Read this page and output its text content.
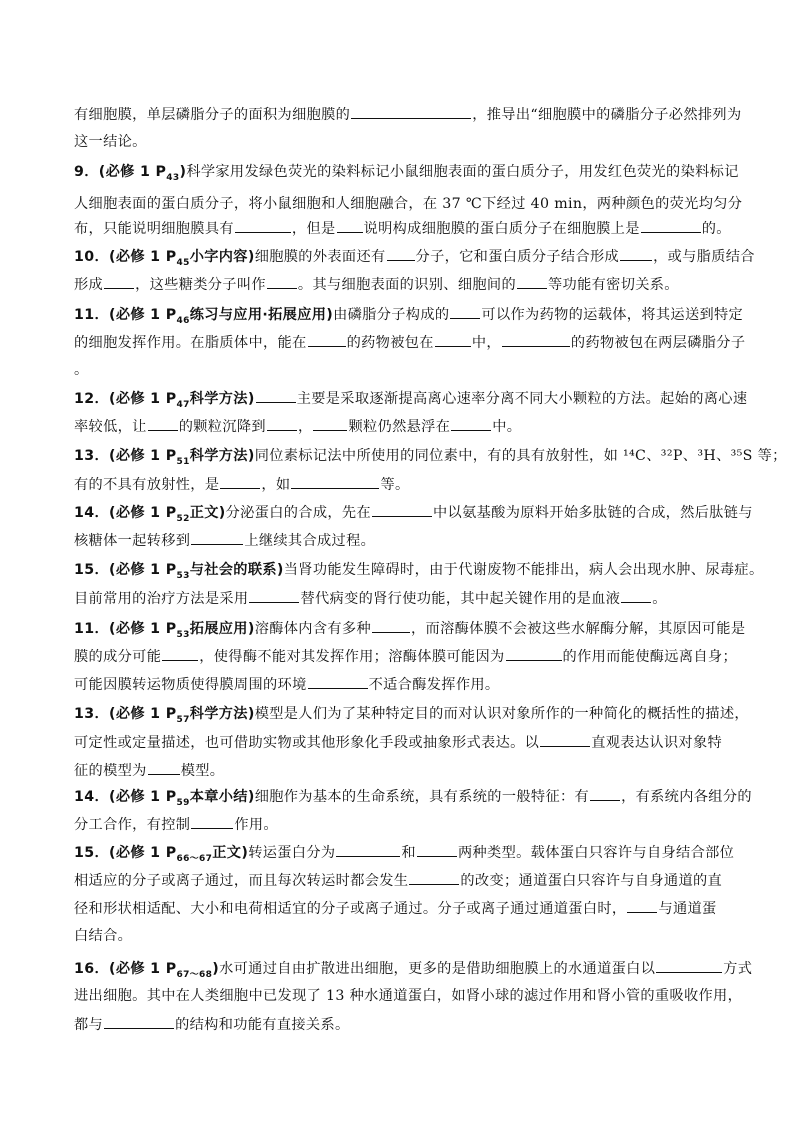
有细胞膜，单层磷脂分子的面积为细胞膜的	，推导出“细胞膜中的磷脂分子必然排列为
这一结论。
9．(必修 1 $P_{43}$)科学家用发绿色荧光的染料标记小鼠细胞表面的蛋白质分子，用发红色荧光的染料标记
人细胞表面的蛋白质分子，将小鼠细胞和人细胞融合，在 37 ℃下经过 40 min，两种颜色的荧光均匀分
布，只能说明细胞膜具有	，但是 说明构成细胞膜的蛋白质分子在细胞膜上是	的。
10．(必修 1 $P_{45}$小字内容)细胞膜的外表面还有 分子，它和蛋白质分子结合形成 ，或与脂质结合
形成 ，这些糖类分子叫作 。其与细胞表面的识别、细胞间的 等功能有密切关系。
11．(必修 1 $P_{46}$练习与应用·拓展应用)由磷脂分子构成的 可以作为药物的运载体，将其运送到特定
的细胞发挥作用。在脂质体中，能在	的药物被包在	中，	的药物被包在两层磷脂分子
。
12．(必修 1 $P_{47}$科学方法)	主要是采取逐渐提高离心速率分离不同大小颗粒的方法。起始的离心速
率较低，让 的颗粒沉降到 ，	颗粒仍然悬浮在	中。
13．(必修 1 $P_{51}$科学方法)同位素标记法中所使用的同位素中，有的具有放射性，如 ¹⁴C、³²P、³H、³⁵S 等；
有的不具有放射性，是	，如	等。
14．(必修 1 $P_{52}$正文)分泌蛋白的合成，先在	中以氨基酸为原料开始多肽链的合成，然后肽链与
核糖体一起转移到	上继续其合成过程。
15．(必修 1 $P_{53}$与社会的联系)当肾功能发生障碍时，由于代谢废物不能排出，病人会出现水肿、尿毒症。
目前常用的治疗方法是采用	替代病变的肾行使功能，其中起关键作用的是血液 。
11．(必修 1 $P_{53}$拓展应用)溶酶体内含有多种	，而溶酶体膜不会被这些水解酶分解，其原因可能是
膜的成分可能	，使得酶不能对其发挥作用；溶酶体膜可能因为	的作用而能使酶远离自身；
可能因膜转运物质使得膜周围的环境	不适合酶发挥作用。
13．(必修 1 $P_{57}$科学方法)模型是人们为了某种特定目的而对认识对象所作的一种简化的概括性的描述，
可定性或定量描述，也可借助实物或其他形象化手段或抽象形式表达。以	直观表达认识对象特
征的模型为 模型。
14．(必修 1 $P_{59}$本章小结)细胞作为基本的生命系统，具有系统的一般特征：有 ，有系统内各组分的
分工合作，有控制	作用。
15．(必修 1 $P_{66\sim 67}$正文)转运蛋白分为	和	两种类型。载体蛋白只容许与自身结合部位
相适应的分子或离子通过，而且每次转运时都会发生	的改变；通道蛋白只容许与自身通道的直
径和形状相适配、大小和电荷相适宜的分子或离子通过。分子或离子通过通道蛋白时， 与通道蛋
白结合。
16．(必修 1 $P_{67\sim 68}$)水可通过自由扩散进出细胞，更多的是借助细胞膜上的水通道蛋白以	方式
进出细胞。其中在人类细胞中已发现了 13 种水通道蛋白，如肾小球的滤过作用和肾小管的重吸收作用，
都与	的结构和功能有直接关系。
